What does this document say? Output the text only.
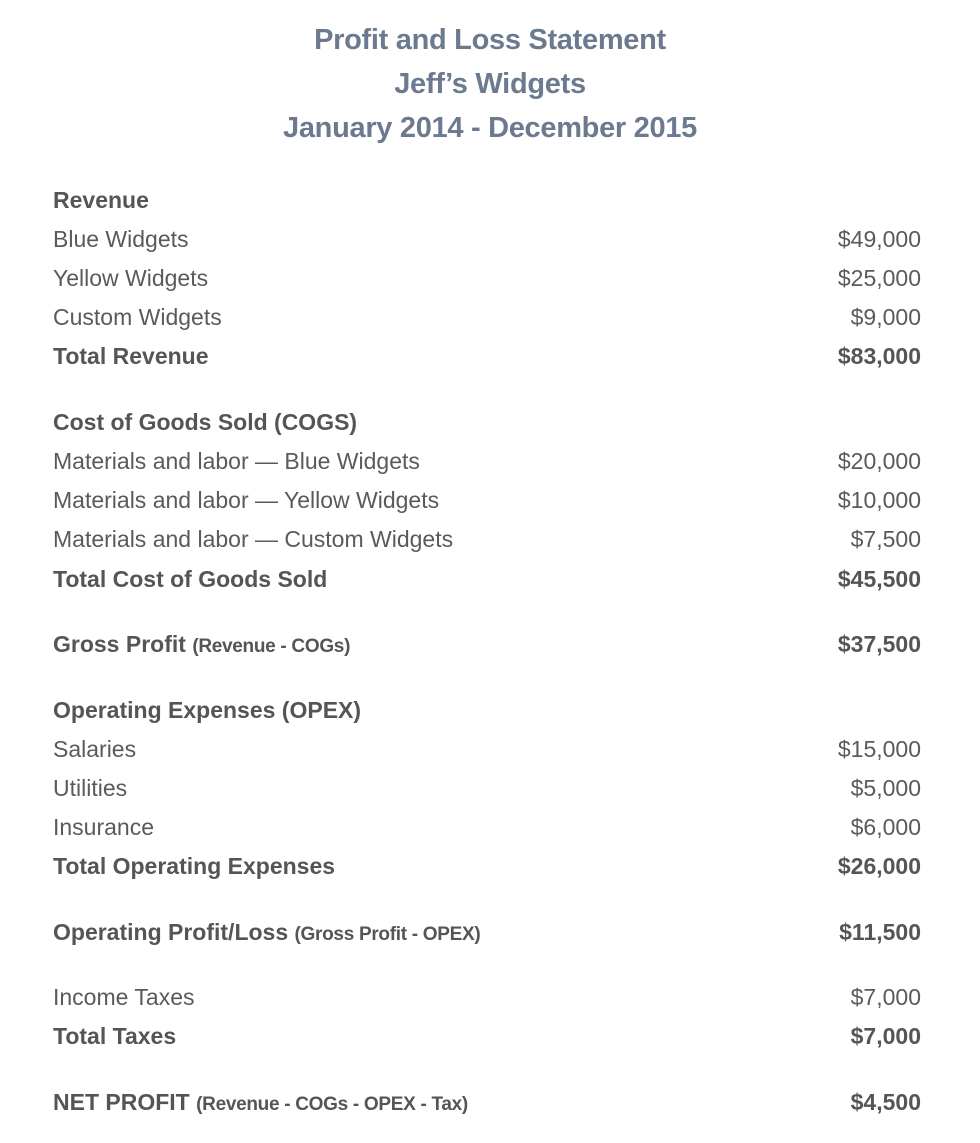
Profit and Loss Statement
Jeff’s Widgets
January 2014 - December 2015
Revenue
Blue Widgets	$49,000
Yellow Widgets	$25,000
Custom Widgets	$9,000
Total Revenue	$83,000
Cost of Goods Sold (COGS)
Materials and labor — Blue Widgets	$20,000
Materials and labor — Yellow Widgets	$10,000
Materials and labor — Custom Widgets	$7,500
Total Cost of Goods Sold	$45,500
Gross Profit (Revenue - COGs)	$37,500
Operating Expenses (OPEX)
Salaries	$15,000
Utilities	$5,000
Insurance	$6,000
Total Operating Expenses	$26,000
Operating Profit/Loss (Gross Profit - OPEX)	$11,500
Income Taxes	$7,000
Total Taxes	$7,000
NET PROFIT (Revenue - COGs - OPEX - Tax)	$4,500
